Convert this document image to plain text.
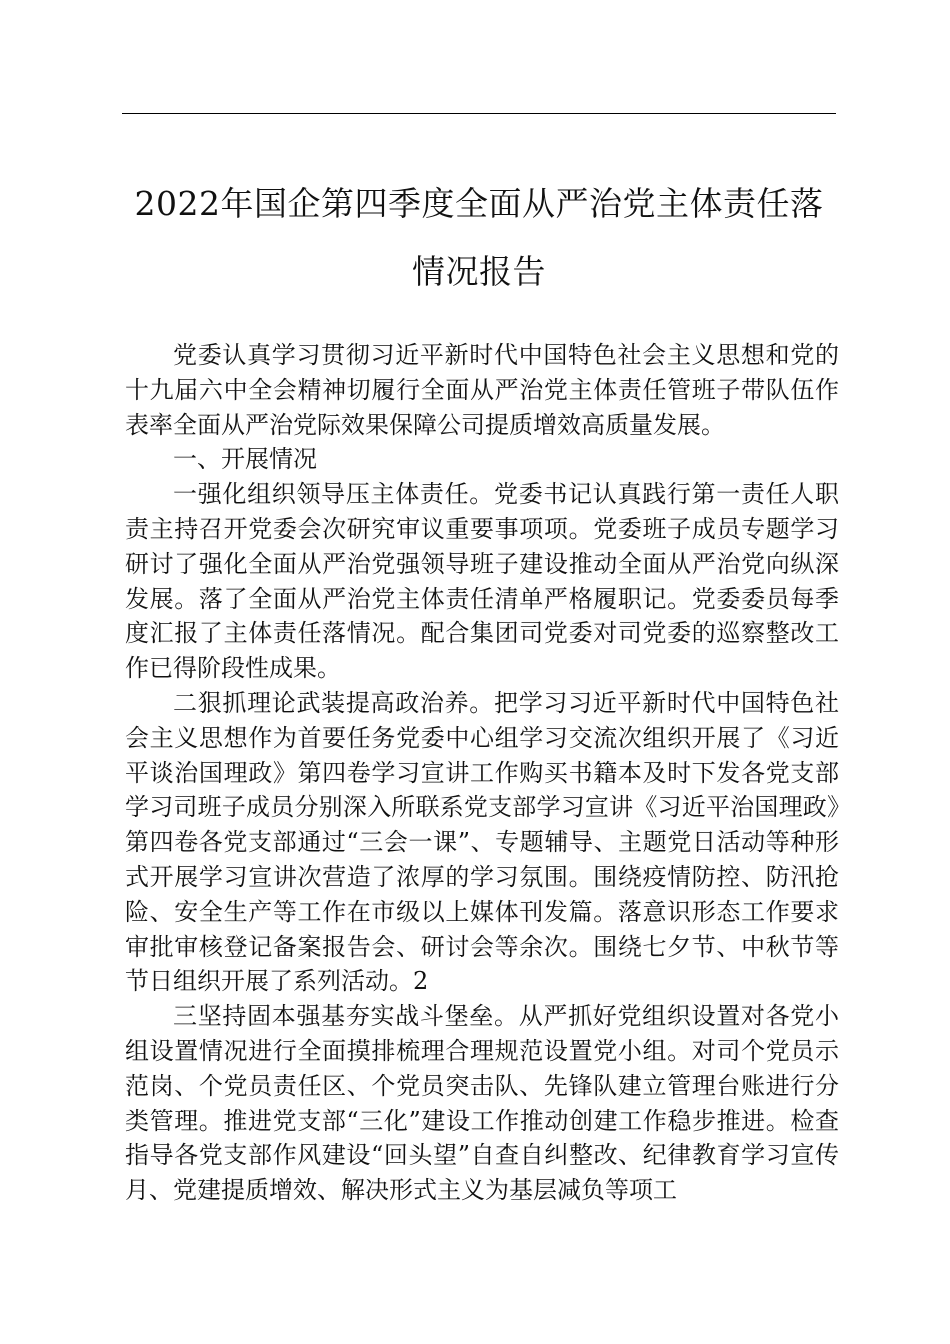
2022年国企第四季度全面从严治党主体责任落
情况报告

党委认真学习贯彻习近平新时代中国特色社会主义思想和党的十九届六中全会精神切履行全面从严治党主体责任管班子带队伍作表率全面从严治党际效果保障公司提质增效高质量发展。

一、开展情况

一强化组织领导压主体责任。党委书记认真践行第一责任人职责主持召开党委会次研究审议重要事项项。党委班子成员专题学习研讨了强化全面从严治党强领导班子建设推动全面从严治党向纵深发展。落了全面从严治党主体责任清单严格履职记。党委委员每季度汇报了主体责任落情况。配合集团司党委对司党委的巡察整改工作已得阶段性成果。

二狠抓理论武装提高政治养。把学习习近平新时代中国特色社会主义思想作为首要任务党委中心组学习交流次组织开展了《习近平谈治国理政》第四卷学习宣讲工作购买书籍本及时下发各党支部学习司班子成员分别深入所联系党支部学习宣讲《习近平治国理政》第四卷各党支部通过“三会一课”、专题辅导、主题党日活动等种形式开展学习宣讲次营造了浓厚的学习氛围。围绕疫情防控、防汛抢险、安全生产等工作在市级以上媒体刊发篇。落意识形态工作要求审批审核登记备案报告会、研讨会等余次。围绕七夕节、中秋节等节日组织开展了系列活动。2

三坚持固本强基夯实战斗堡垒。从严抓好党组织设置对各党小组设置情况进行全面摸排梳理合理规范设置党小组。对司个党员示范岗、个党员责任区、个党员突击队、先锋队建立管理台账进行分类管理。推进党支部“三化”建设工作推动创建工作稳步推进。检查指导各党支部作风建设“回头望”自查自纠整改、纪律教育学习宣传月、党建提质增效、解决形式主义为基层减负等项工
